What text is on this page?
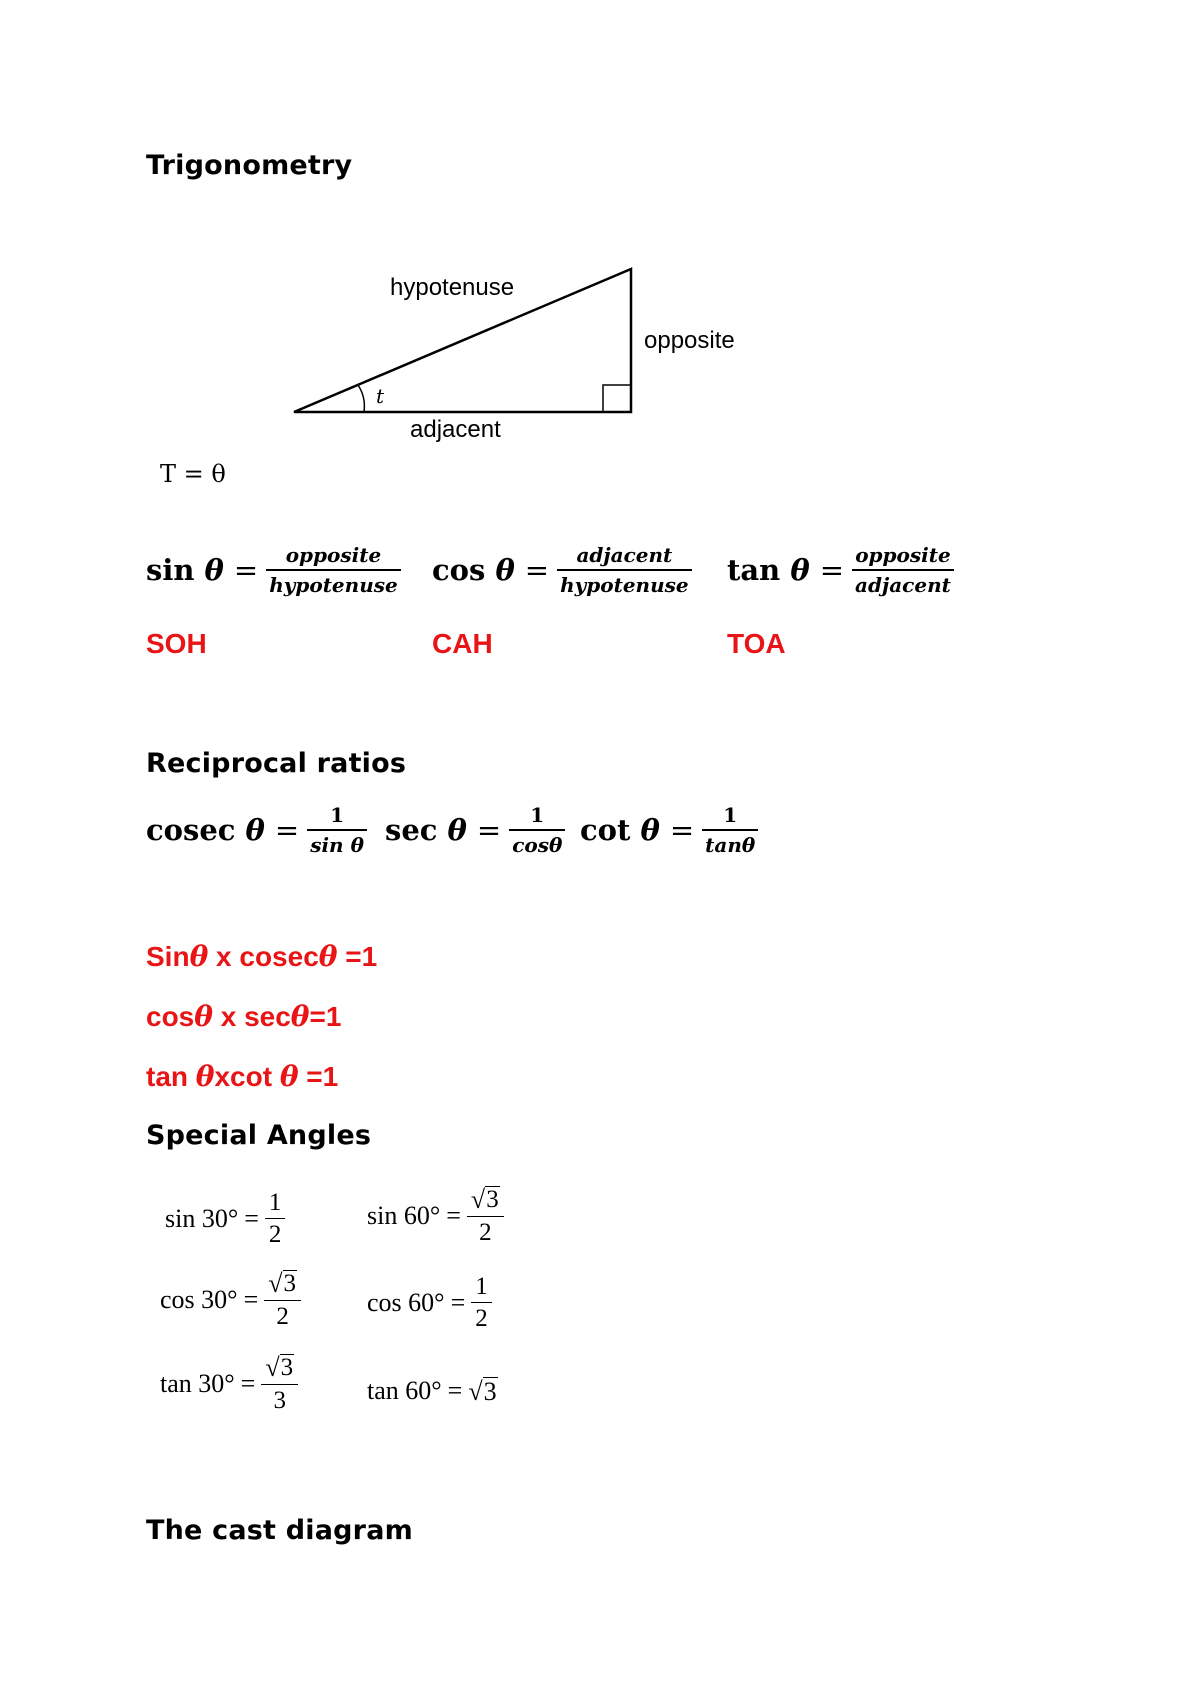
Trigonometry
hypotenuse
opposite
adjacent
t
T = θ
sin
$\theta = \frac{\text{opposite}}{\text{hypotenuse}}$ cos
$\theta = \frac{\text{adjacent}}{\text{hypotenuse}}$ tan
$\theta = \frac{\text{opposite}}{\text{adjacent}}$
SOH	CAH	TOA
Reciprocal ratios
cosec
$\theta = \frac{1}{\text{sin θ}}$ sec
$\theta = \frac{1}{\cos\theta}$ cot
$\theta = \frac{1}{\tan\theta}$
Sinθ x cosecθ =1
cosθ x secθ=1
tan θxcot θ =1
Special Angles
$\sin 30^\circ = \frac{1}{2}$	$\sin 60^\circ = \frac{√ 3}{2}$
$\cos 30^\circ = \frac{√ 3}{2}$	$\cos 60^\circ = \frac{1}{2}$
$\tan 30^\circ = \frac{√ 3}{3}$	tan 60° = √ 3
The cast diagram
